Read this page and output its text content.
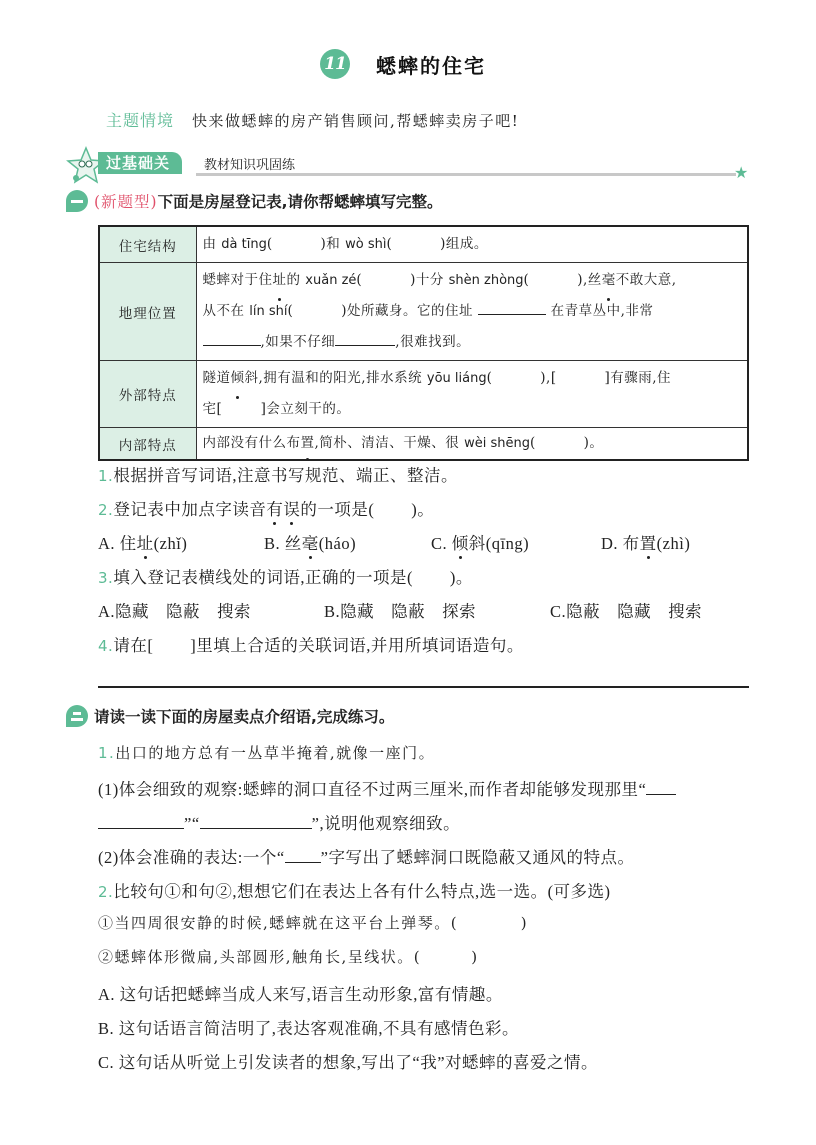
11 蟋蟀的住宅
主题情境 快来做蟋蟀的房产销售顾问,帮蟋蟀卖房子吧!
过基础关	教材知识巩固练	★
(新题型) 下面是房屋登记表,请你帮蟋蟀填写完整。
住宅结构	由 dà tīng(          )和 wò shì(          )组成。
地理位置	蟋蟀对于住址的 xuǎn zé(          )十分 shèn zhòng(          ),丝毫不敢大意,
从不在 lín shí(          )处所藏身。它的住址 在青草丛中,非常
,如果不仔细 ,很难找到。

外部特点	隧道倾斜,拥有温和的阳光,排水系统 yōu liáng(          ),[          ]有骤雨,住
宅[        ]会立刻干的。

内部特点	内部没有什么布置,简朴、清洁、干燥、很 wèi shēng(          )。
1.根据拼音写词语,注意书写规范、端正、整洁。
2.登记表中加点字读音有误的一项是(        )。
A. 住址(zhǐ)	B. 丝毫(háo)	C. 倾斜(qīng)	D. 布置(zhì)
3.填入登记表横线处的词语,正确的一项是(        )。
A.隐藏　隐蔽　搜索	B.隐藏　隐蔽　探索	C.隐蔽　隐藏　搜索
4.请在[        ]里填上合适的关联词语,并用所填词语造句。
请读一读下面的房屋卖点介绍语,完成练习。
1.出口的地方总有一丛草半掩着,就像一座门。
(1)体会细致的观察:蟋蟀的洞口直径不过两三厘米,而作者却能够发现那里“
”“	”,说明他观察细致。
(2)体会准确的表达:一个“ ”字写出了蟋蟀洞口既隐蔽又通风的特点。
2.比较句①和句②,想想它们在表达上各有什么特点,选一选。(可多选)
①当四周很安静的时候,蟋蟀就在这平台上弹琴。(          )
②蟋蟀体形微扁,头部圆形,触角长,呈线状。(        )
A. 这句话把蟋蟀当成人来写,语言生动形象,富有情趣。
B. 这句话语言简洁明了,表达客观准确,不具有感情色彩。
C. 这句话从听觉上引发读者的想象,写出了“我”对蟋蟀的喜爱之情。
